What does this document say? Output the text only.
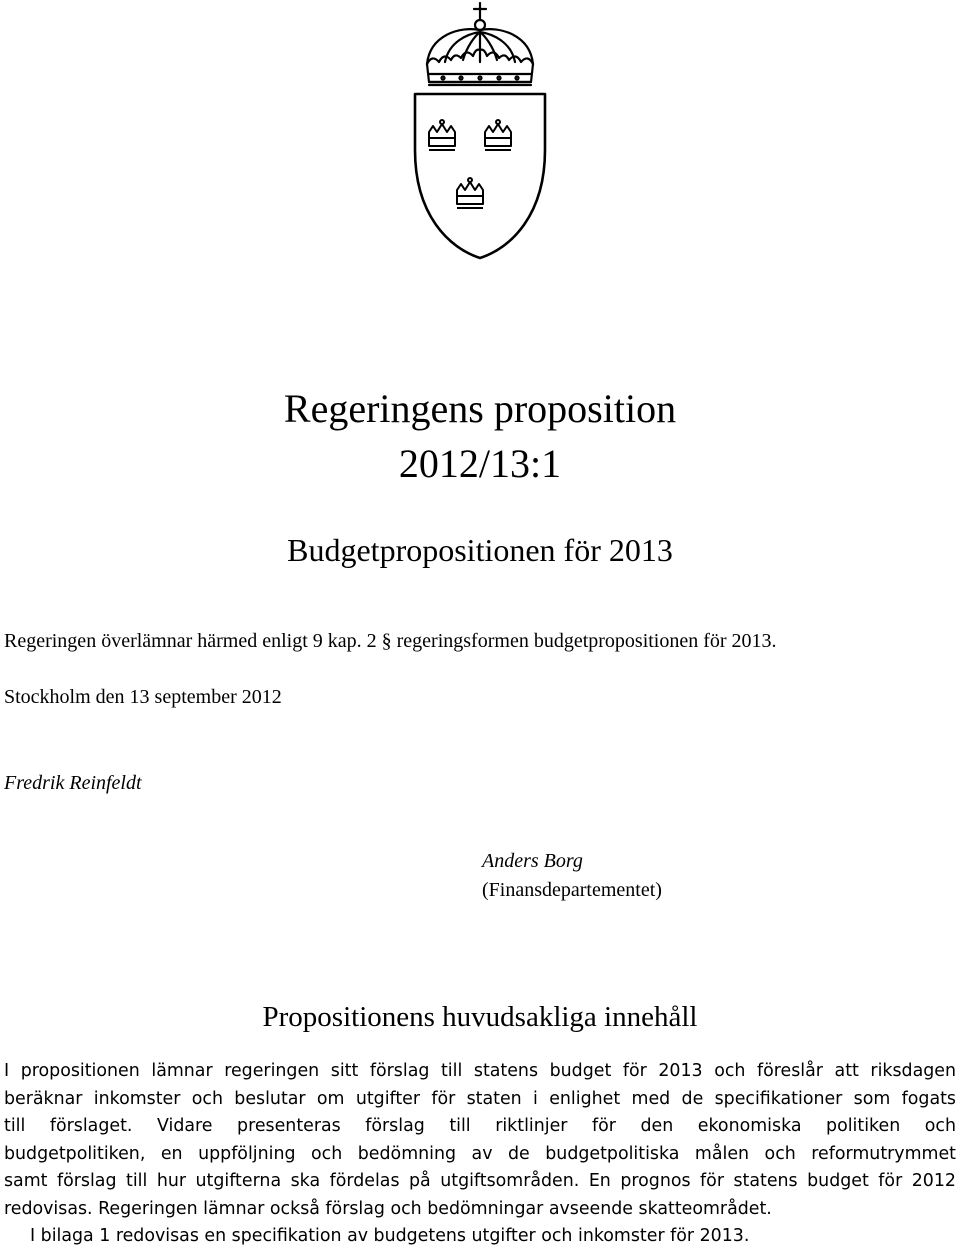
Regeringens proposition
2012/13:1
Budgetpropositionen för 2013
Regeringen överlämnar härmed enligt 9 kap. 2 § regeringsformen budgetpropositionen för 2013.
Stockholm den 13 september 2012
Fredrik Reinfeldt
Anders Borg
(Finansdepartementet)
Propositionens huvudsakliga innehåll
I propositionen lämnar regeringen sitt förslag till statens budget för 2013 och föreslår att riksdagen
beräknar inkomster och beslutar om utgifter för staten i enlighet med de specifikationer som fogats
till förslaget. Vidare presenteras förslag till riktlinjer för den ekonomiska politiken och
budgetpolitiken, en uppföljning och bedömning av de budgetpolitiska målen och reformutrymmet
samt förslag till hur utgifterna ska fördelas på utgiftsområden. En prognos för statens budget för 2012
redovisas. Regeringen lämnar också förslag och bedömningar avseende skatteområdet.
I bilaga 1 redovisas en specifikation av budgetens utgifter och inkomster för 2013.
